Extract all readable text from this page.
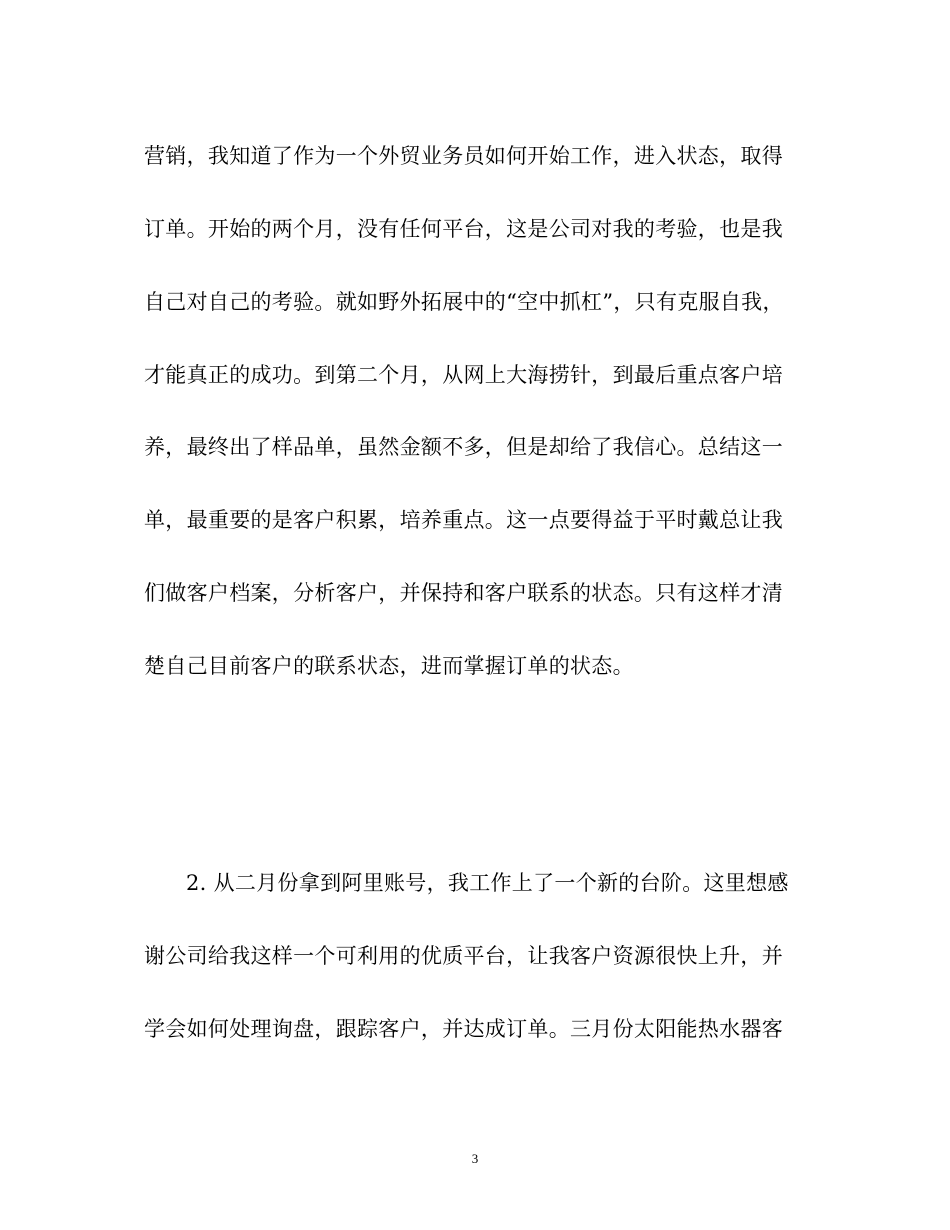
营销，我知道了作为一个外贸业务员如何开始工作，进入状态，取得
订单。开始的两个月，没有任何平台，这是公司对我的考验，也是我
自己对自己的考验。就如野外拓展中的“空中抓杠”，只有克服自我，
才能真正的成功。到第二个月，从网上大海捞针，到最后重点客户培
养，最终出了样品单，虽然金额不多，但是却给了我信心。总结这一
单，最重要的是客户积累，培养重点。这一点要得益于平时戴总让我
们做客户档案，分析客户，并保持和客户联系的状态。只有这样才清
楚自己目前客户的联系状态，进而掌握订单的状态。
2. 从二月份拿到阿里账号，我工作上了一个新的台阶。这里想感
谢公司给我这样一个可利用的优质平台，让我客户资源很快上升，并
学会如何处理询盘，跟踪客户，并达成订单。三月份太阳能热水器客
3
